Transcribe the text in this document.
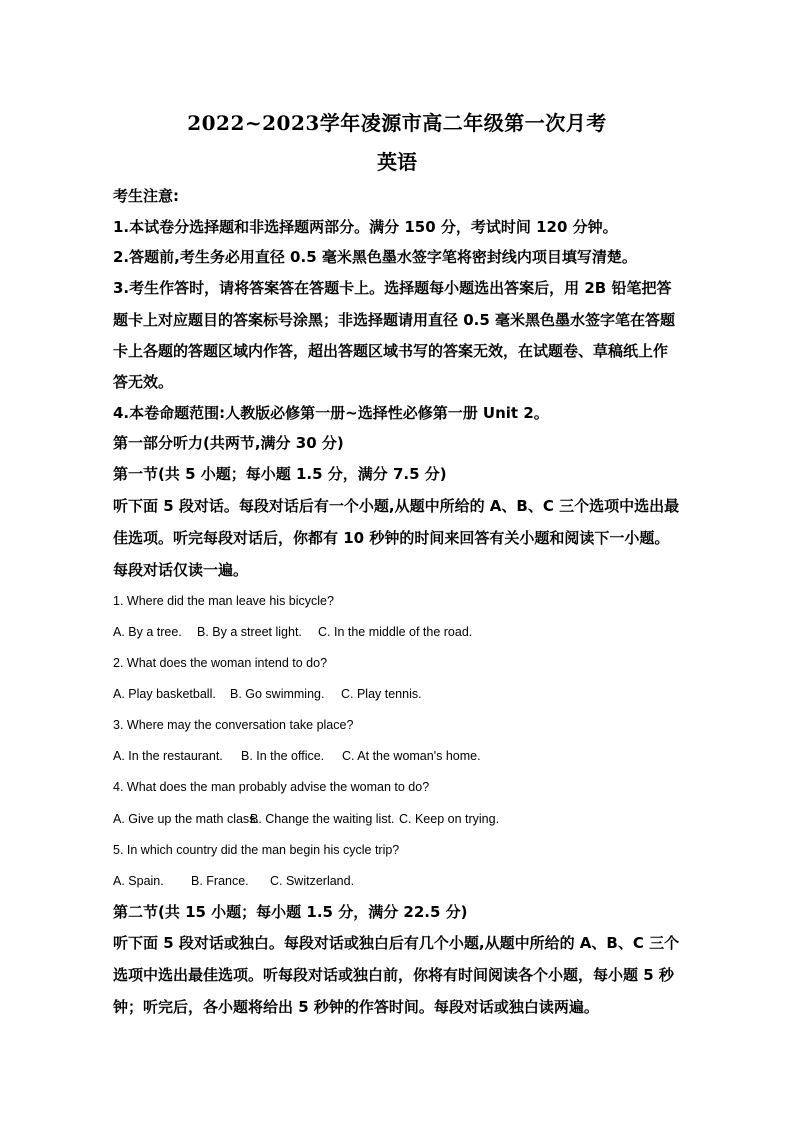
2022~2023学年凌源市高二年级第一次月考
英语
考生注意:
1.本试卷分选择题和非选择题两部分。满分 150 分，考试时间 120 分钟。
2.答题前,考生务必用直径 0.5 毫米黑色墨水签字笔将密封线内项目填写清楚。
3.考生作答时，请将答案答在答题卡上。选择题每小题选出答案后，用 2B 铅笔把答
题卡上对应题目的答案标号涂黑；非选择题请用直径 0.5 毫米黑色墨水签字笔在答题
卡上各题的答题区域内作答，超出答题区域书写的答案无效，在试题卷、草稿纸上作
答无效。
4.本卷命题范围:人教版必修第一册~选择性必修第一册 Unit 2。
第一部分听力(共两节,满分 30 分)
第一节(共 5 小题；每小题 1.5 分，满分 7.5 分)
听下面 5 段对话。每段对话后有一个小题,从题中所给的 A、B、C 三个选项中选出最
佳选项。听完每段对话后，你都有 10 秒钟的时间来回答有关小题和阅读下一小题。
每段对话仅读一遍。
1. Where did the man leave his bicycle?
A. By a tree. B. By a street light. C. In the middle of the road.
2. What does the woman intend to do?
A. Play basketball. B. Go swimming. C. Play tennis.
3. Where may the conversation take place?
A. In the restaurant. B. In the office. C. At the woman's home.
4. What does the man probably advise the woman to do?
A. Give up the math class.B. Change the waiting list. C. Keep on trying.
5. In which country did the man begin his cycle trip?
A. Spain. B. France. C. Switzerland.
第二节(共 15 小题；每小题 1.5 分，满分 22.5 分)
听下面 5 段对话或独白。每段对话或独白后有几个小题,从题中所给的 A、B、C 三个
选项中选出最佳选项。听每段对话或独白前，你将有时间阅读各个小题，每小题 5 秒
钟；听完后，各小题将给出 5 秒钟的作答时间。每段对话或独白读两遍。
